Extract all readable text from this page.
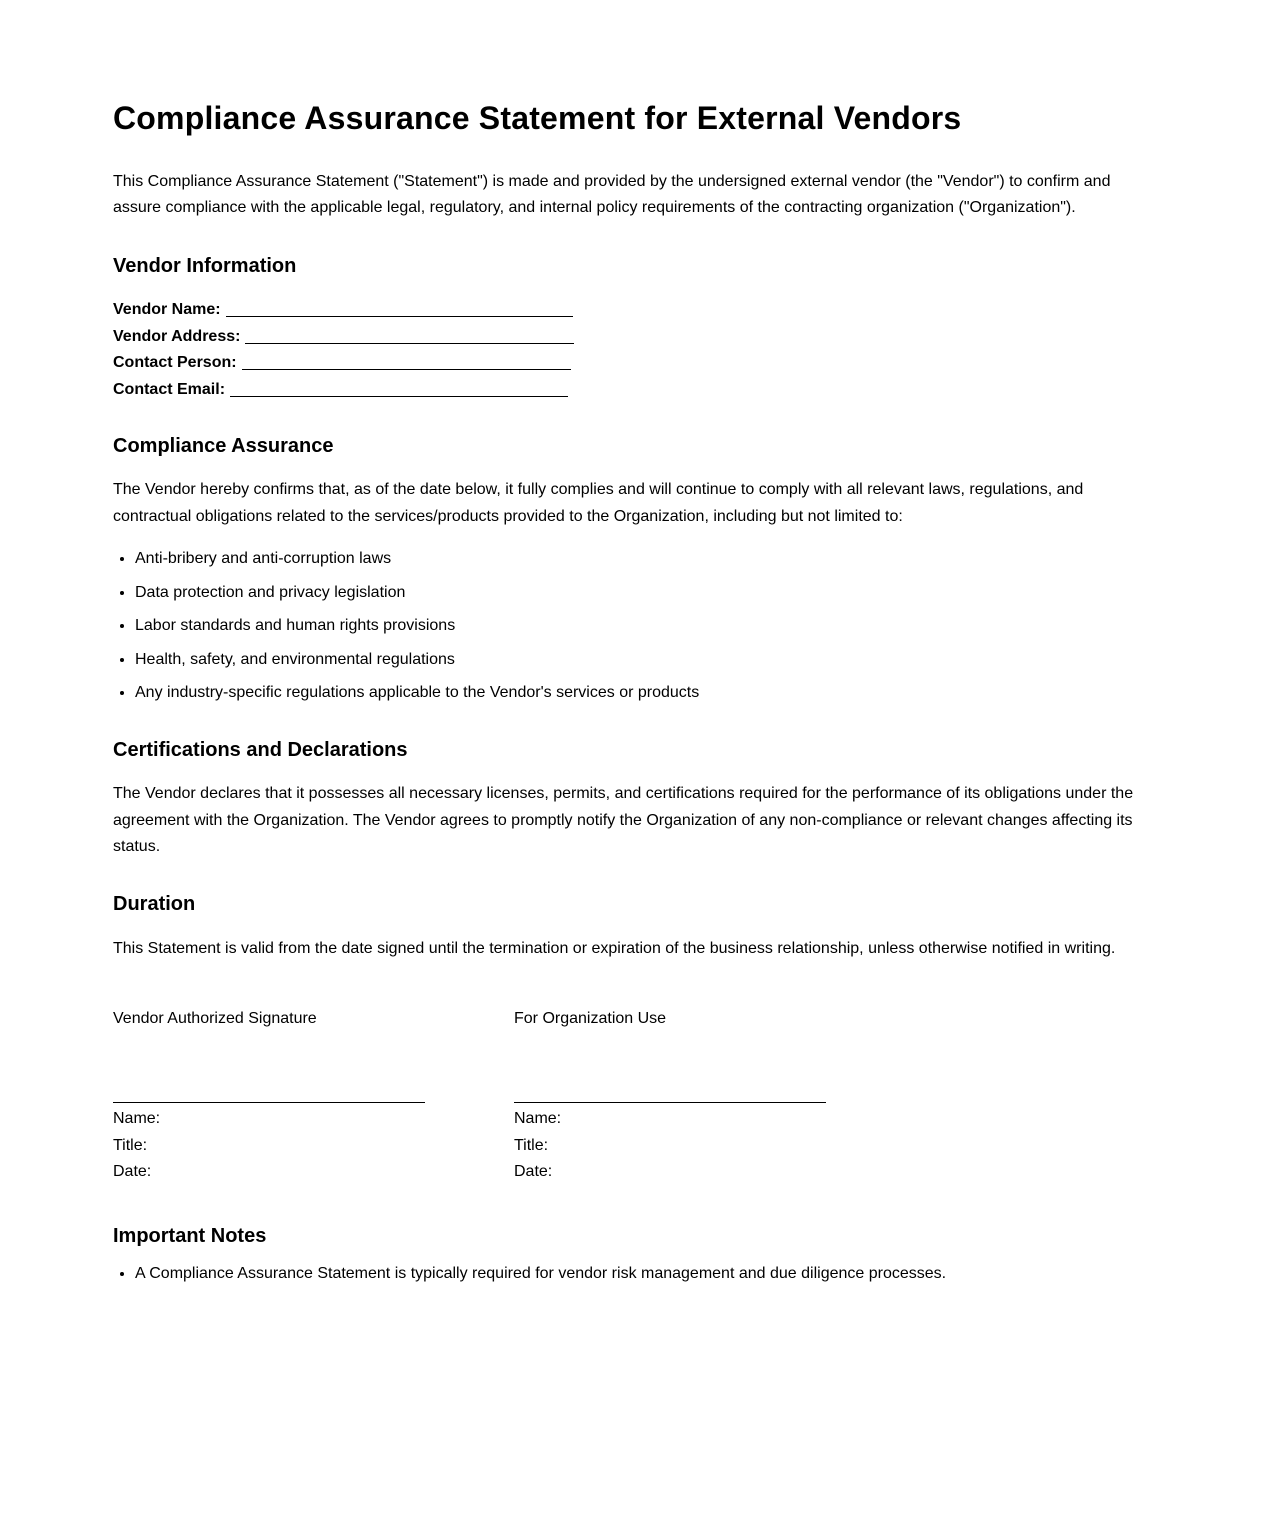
Compliance Assurance Statement for External Vendors

This Compliance Assurance Statement ("Statement") is made and provided by the undersigned external vendor (the "Vendor") to confirm and assure compliance with the applicable legal, regulatory, and internal policy requirements of the contracting organization ("Organization").

Vendor Information
Vendor Name:
Vendor Address:
Contact Person:
Contact Email:
Compliance Assurance

The Vendor hereby confirms that, as of the date below, it fully complies and will continue to comply with all relevant laws, regulations, and contractual obligations related to the services/products provided to the Organization, including but not limited to:

• Anti-bribery and anti-corruption laws
• Data protection and privacy legislation
• Labor standards and human rights provisions
• Health, safety, and environmental regulations
• Any industry-specific regulations applicable to the Vendor's services or products
Certifications and Declarations

The Vendor declares that it possesses all necessary licenses, permits, and certifications required for the performance of its obligations under the agreement with the Organization. The Vendor agrees to promptly notify the Organization of any non-compliance or relevant changes affecting its status.

Duration

This Statement is valid from the date signed until the termination or expiration of the business relationship, unless otherwise notified in writing.

Vendor Authorized Signature
Name:
Title:
Date:
For Organization Use
Name:
Title:
Date:
Important Notes
• A Compliance Assurance Statement is typically required for vendor risk management and due diligence processes.
